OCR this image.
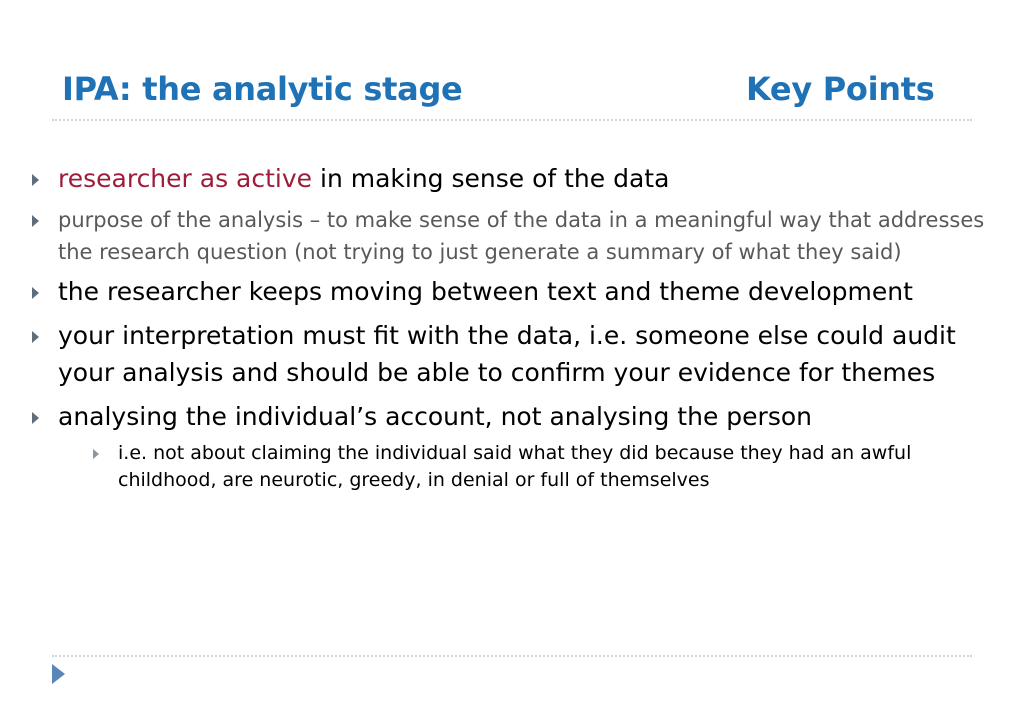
IPA: the analytic stage	Key Points
researcher as active in making sense of the data
purpose of the analysis – to make sense of the data in a meaningful way that addresses the research question (not trying to just generate a summary of what they said)
the researcher keeps moving between text and theme development
your interpretation must fit with the data, i.e. someone else could audit your analysis and should be able to confirm your evidence for themes
analysing the individual’s account, not analysing the person
i.e. not about claiming the individual said what they did because they had an awful childhood, are neurotic, greedy, in denial or full of themselves
